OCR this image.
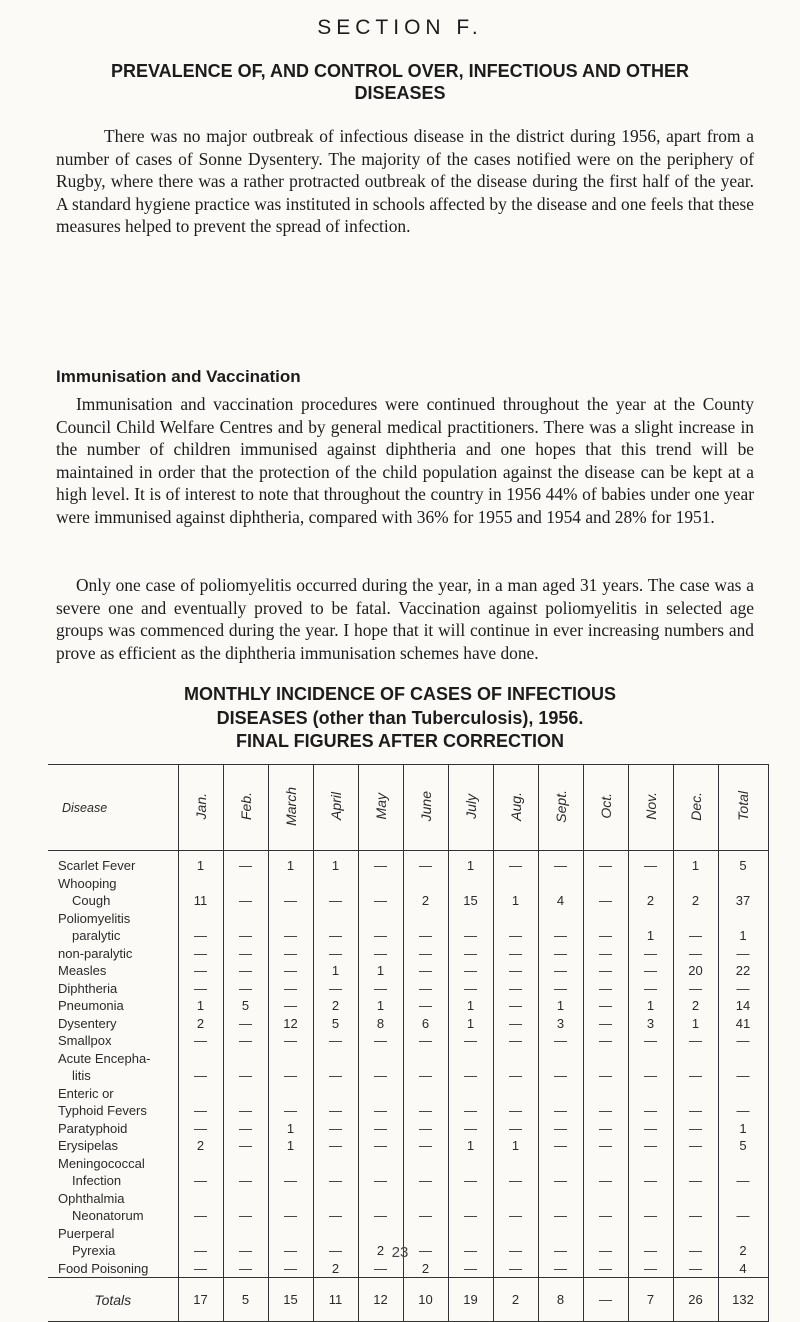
SECTION F.
PREVALENCE OF, AND CONTROL OVER, INFECTIOUS AND OTHER DISEASES

There was no major outbreak of infectious disease in the district during 1956, apart from a number of cases of Sonne Dysentery. The majority of the cases notified were on the periphery of Rugby, where there was a rather protracted outbreak of the disease during the first half of the year. A standard hygiene practice was instituted in schools affected by the disease and one feels that these measures helped to prevent the spread of infection.

Immunisation and Vaccination

Immunisation and vaccination procedures were continued throughout the year at the County Council Child Welfare Centres and by general medical practitioners. There was a slight increase in the number of children immunised against diphtheria and one hopes that this trend will be maintained in order that the protection of the child population against the disease can be kept at a high level. It is of interest to note that throughout the country in 1956 44% of babies under one year were immunised against diphtheria, compared with 36% for 1955 and 1954 and 28% for 1951.

Only one case of poliomyelitis occurred during the year, in a man aged 31 years. The case was a severe one and eventually proved to be fatal. Vaccination against poliomyelitis in selected age groups was commenced during the year. I hope that it will continue in ever increasing numbers and prove as efficient as the diphtheria immunisation schemes have done.

MONTHLY INCIDENCE OF CASES OF INFECTIOUS
DISEASES (other than Tuberculosis), 1956.
FINAL FIGURES AFTER CORRECTION
Disease	Jan.	Feb.	March	April	May	June	July	Aug.	Sept.	Oct.	Nov.	Dec.	Total
Scarlet Fever	1	—	1	1	—	—	1	—	—	—	—	1	5
Whooping													
Cough	11	—	—	—	—	2	15	1	4	—	2	2	37
Poliomyelitis													
paralytic	—	—	—	—	—	—	—	—	—	—	1	—	1
non-paralytic	—	—	—	—	—	—	—	—	—	—	—	—	—
Measles	—	—	—	1	1	—	—	—	—	—	—	20	22
Diphtheria	—	—	—	—	—	—	—	—	—	—	—	—	—
Pneumonia	1	5	—	2	1	—	1	—	1	—	1	2	14
Dysentery	2	—	12	5	8	6	1	—	3	—	3	1	41
Smallpox	—	—	—	—	—	—	—	—	—	—	—	—	—
Acute Encepha-													
litis	—	—	—	—	—	—	—	—	—	—	—	—	—
Enteric or													
Typhoid Fevers	—	—	—	—	—	—	—	—	—	—	—	—	—
Paratyphoid	—	—	1	—	—	—	—	—	—	—	—	—	1
Erysipelas	2	—	1	—	—	—	1	1	—	—	—	—	5
Meningococcal													
Infection	—	—	—	—	—	—	—	—	—	—	—	—	—
Ophthalmia													
Neonatorum	—	—	—	—	—	—	—	—	—	—	—	—	—
Puerperal													
Pyrexia	—	—	—	—	2	—	—	—	—	—	—	—	2
Food Poisoning	—	—	—	2	—	2	—	—	—	—	—	—	4
Totals	17	5	15	11	12	10	19	2	8	—	7	26	132
23
